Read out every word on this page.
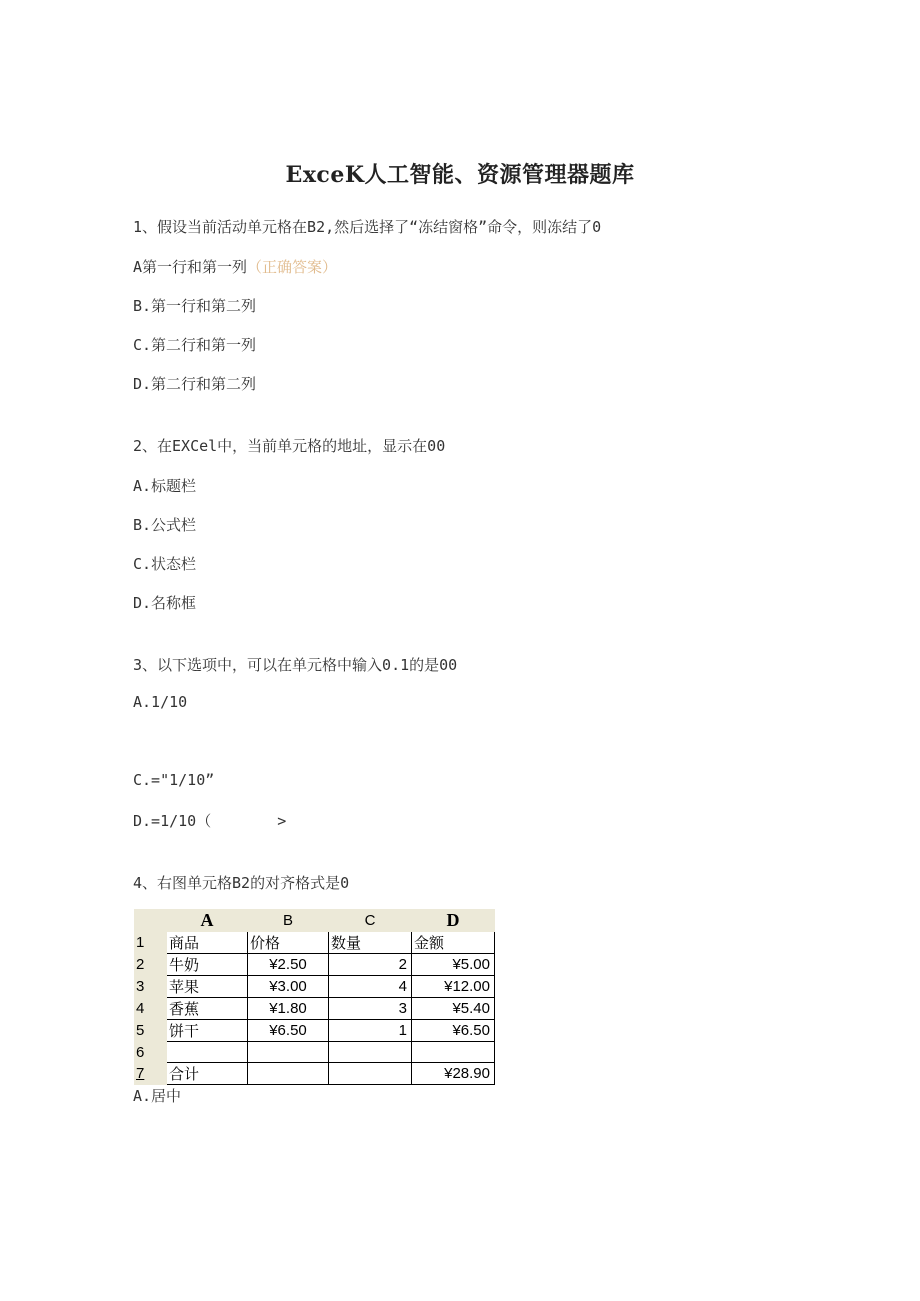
ExceK人工智能、资源管理器题库
1、假设当前活动单元格在B2,然后选择了“冻结窗格”命令，则冻结了0
A第一行和第一列（正确答案）
B.第一行和第二列
C.第二行和第一列
D.第二行和第二列
2、在EXCel中，当前单元格的地址，显示在00
A.标题栏
B.公式栏
C.状态栏
D.名称框
3、以下选项中，可以在单元格中输入0.1的是00
A.1/10
C.="1/10”
D.=1/10（	>
4、右图单元格B2的对齐格式是0
	A	B	C	D
1	商品	价格	数量	金额
2	牛奶	¥2.50	2	¥5.00
3	苹果	¥3.00	4	¥12.00
4	香蕉	¥1.80	3	¥5.40
5	饼干	¥6.50	1	¥6.50
6				
7	合计			¥28.90
A.居中
